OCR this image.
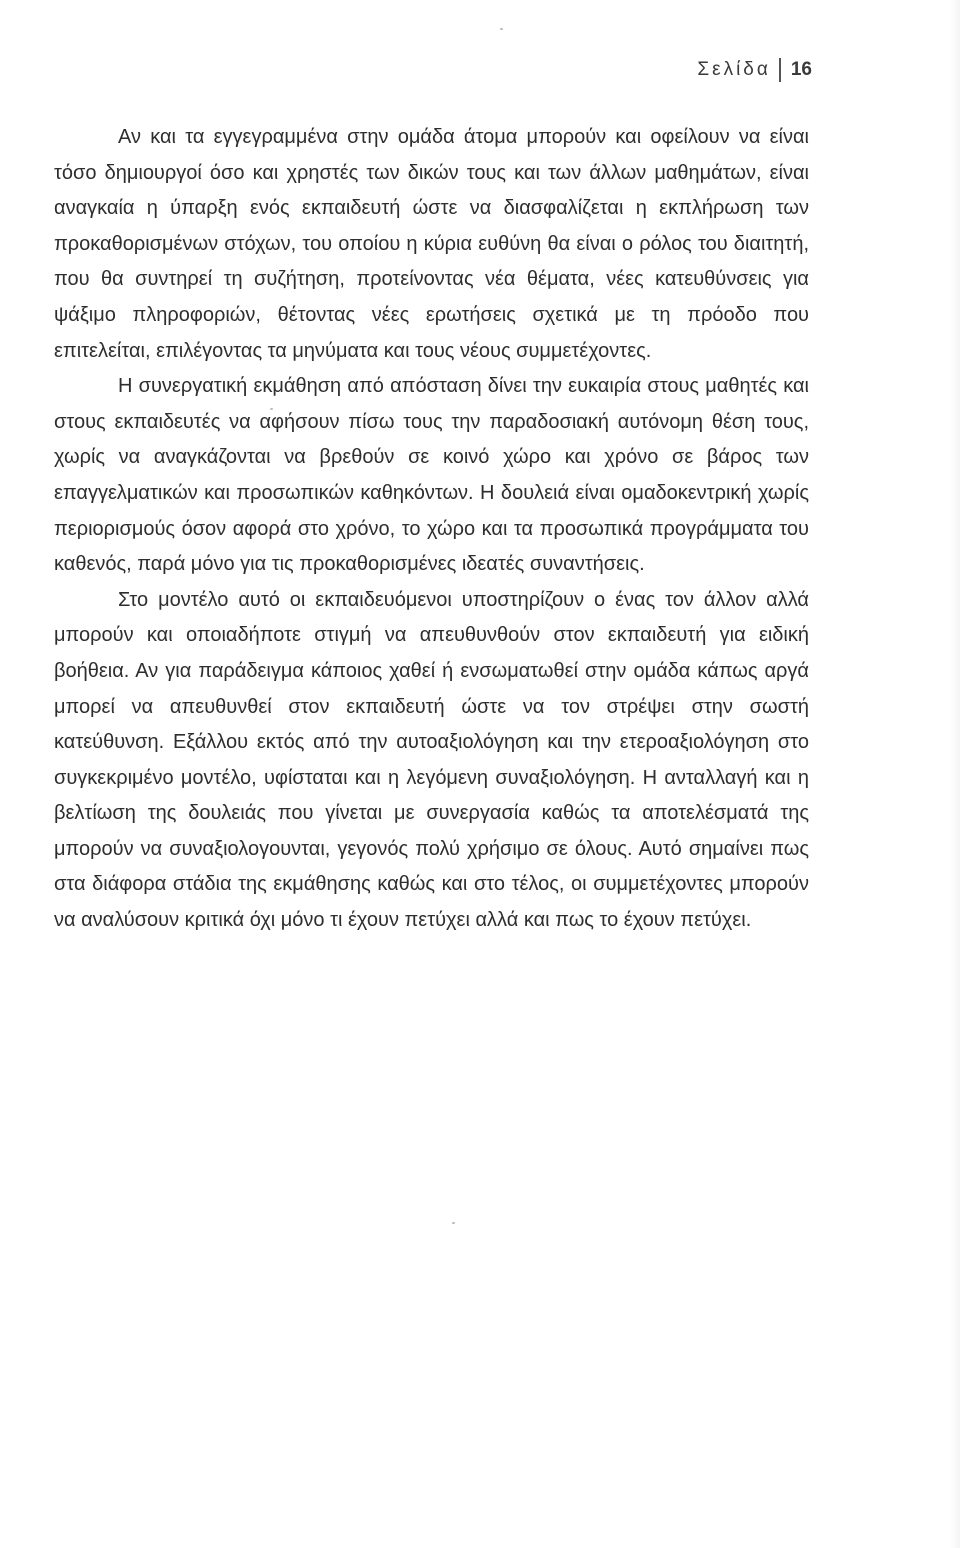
Σελίδα 16

Αν και τα εγγεγραμμένα στην ομάδα άτομα μπορούν και οφείλουν να είναι τόσο δημιουργοί όσο και χρηστές των δικών τους και των άλλων μαθημάτων, είναι αναγκαία η ύπαρξη ενός εκπαιδευτή ώστε να διασφαλίζεται η εκπλήρωση των προκαθορισμένων στόχων, του οποίου η κύρια ευθύνη θα είναι ο ρόλος του διαιτητή, που θα συντηρεί τη συζήτηση, προτείνοντας νέα θέματα, νέες κατευθύνσεις για ψάξιμο πληροφοριών, θέτοντας νέες ερωτήσεις σχετικά με τη πρόοδο που επιτελείται, επιλέγοντας τα μηνύματα και τους νέους συμμετέχοντες.

Η συνεργατική εκμάθηση από απόσταση δίνει την ευκαιρία στους μαθητές και στους εκπαιδευτές να αφήσουν πίσω τους την παραδοσιακή αυτόνομη θέση τους, χωρίς να αναγκάζονται να βρεθούν σε κοινό χώρο και χρόνο σε βάρος των επαγγελματικών και προσωπικών καθηκόντων. Η δουλειά είναι ομαδοκεντρική χωρίς περιορισμούς όσον αφορά στο χρόνο, το χώρο και τα προσωπικά προγράμματα του καθενός, παρά μόνο για τις προκαθορισμένες ιδεατές συναντήσεις.

Στο μοντέλο αυτό οι εκπαιδευόμενοι υποστηρίζουν ο ένας τον άλλον αλλά μπορούν και οποιαδήποτε στιγμή να απευθυνθούν στον εκπαιδευτή για ειδική βοήθεια. Αν για παράδειγμα κάποιος χαθεί ή ενσωματωθεί στην ομάδα κάπως αργά μπορεί να απευθυνθεί στον εκπαιδευτή ώστε να τον στρέψει στην σωστή κατεύθυνση. Εξάλλου εκτός από την αυτοαξιολόγηση και την ετεροαξιολόγηση στο συγκεκριμένο μοντέλο, υφίσταται και η λεγόμενη συναξιολόγηση. Η ανταλλαγή και η βελτίωση της δουλειάς που γίνεται με συνεργασία καθώς τα αποτελέσματά της μπορούν να συναξιολογουνται, γεγονός πολύ χρήσιμο σε όλους. Αυτό σημαίνει πως στα διάφορα στάδια της εκμάθησης καθώς και στο τέλος, οι συμμετέχοντες μπορούν να αναλύσουν κριτικά όχι μόνο τι έχουν πετύχει αλλά και πως το έχουν πετύχει.
